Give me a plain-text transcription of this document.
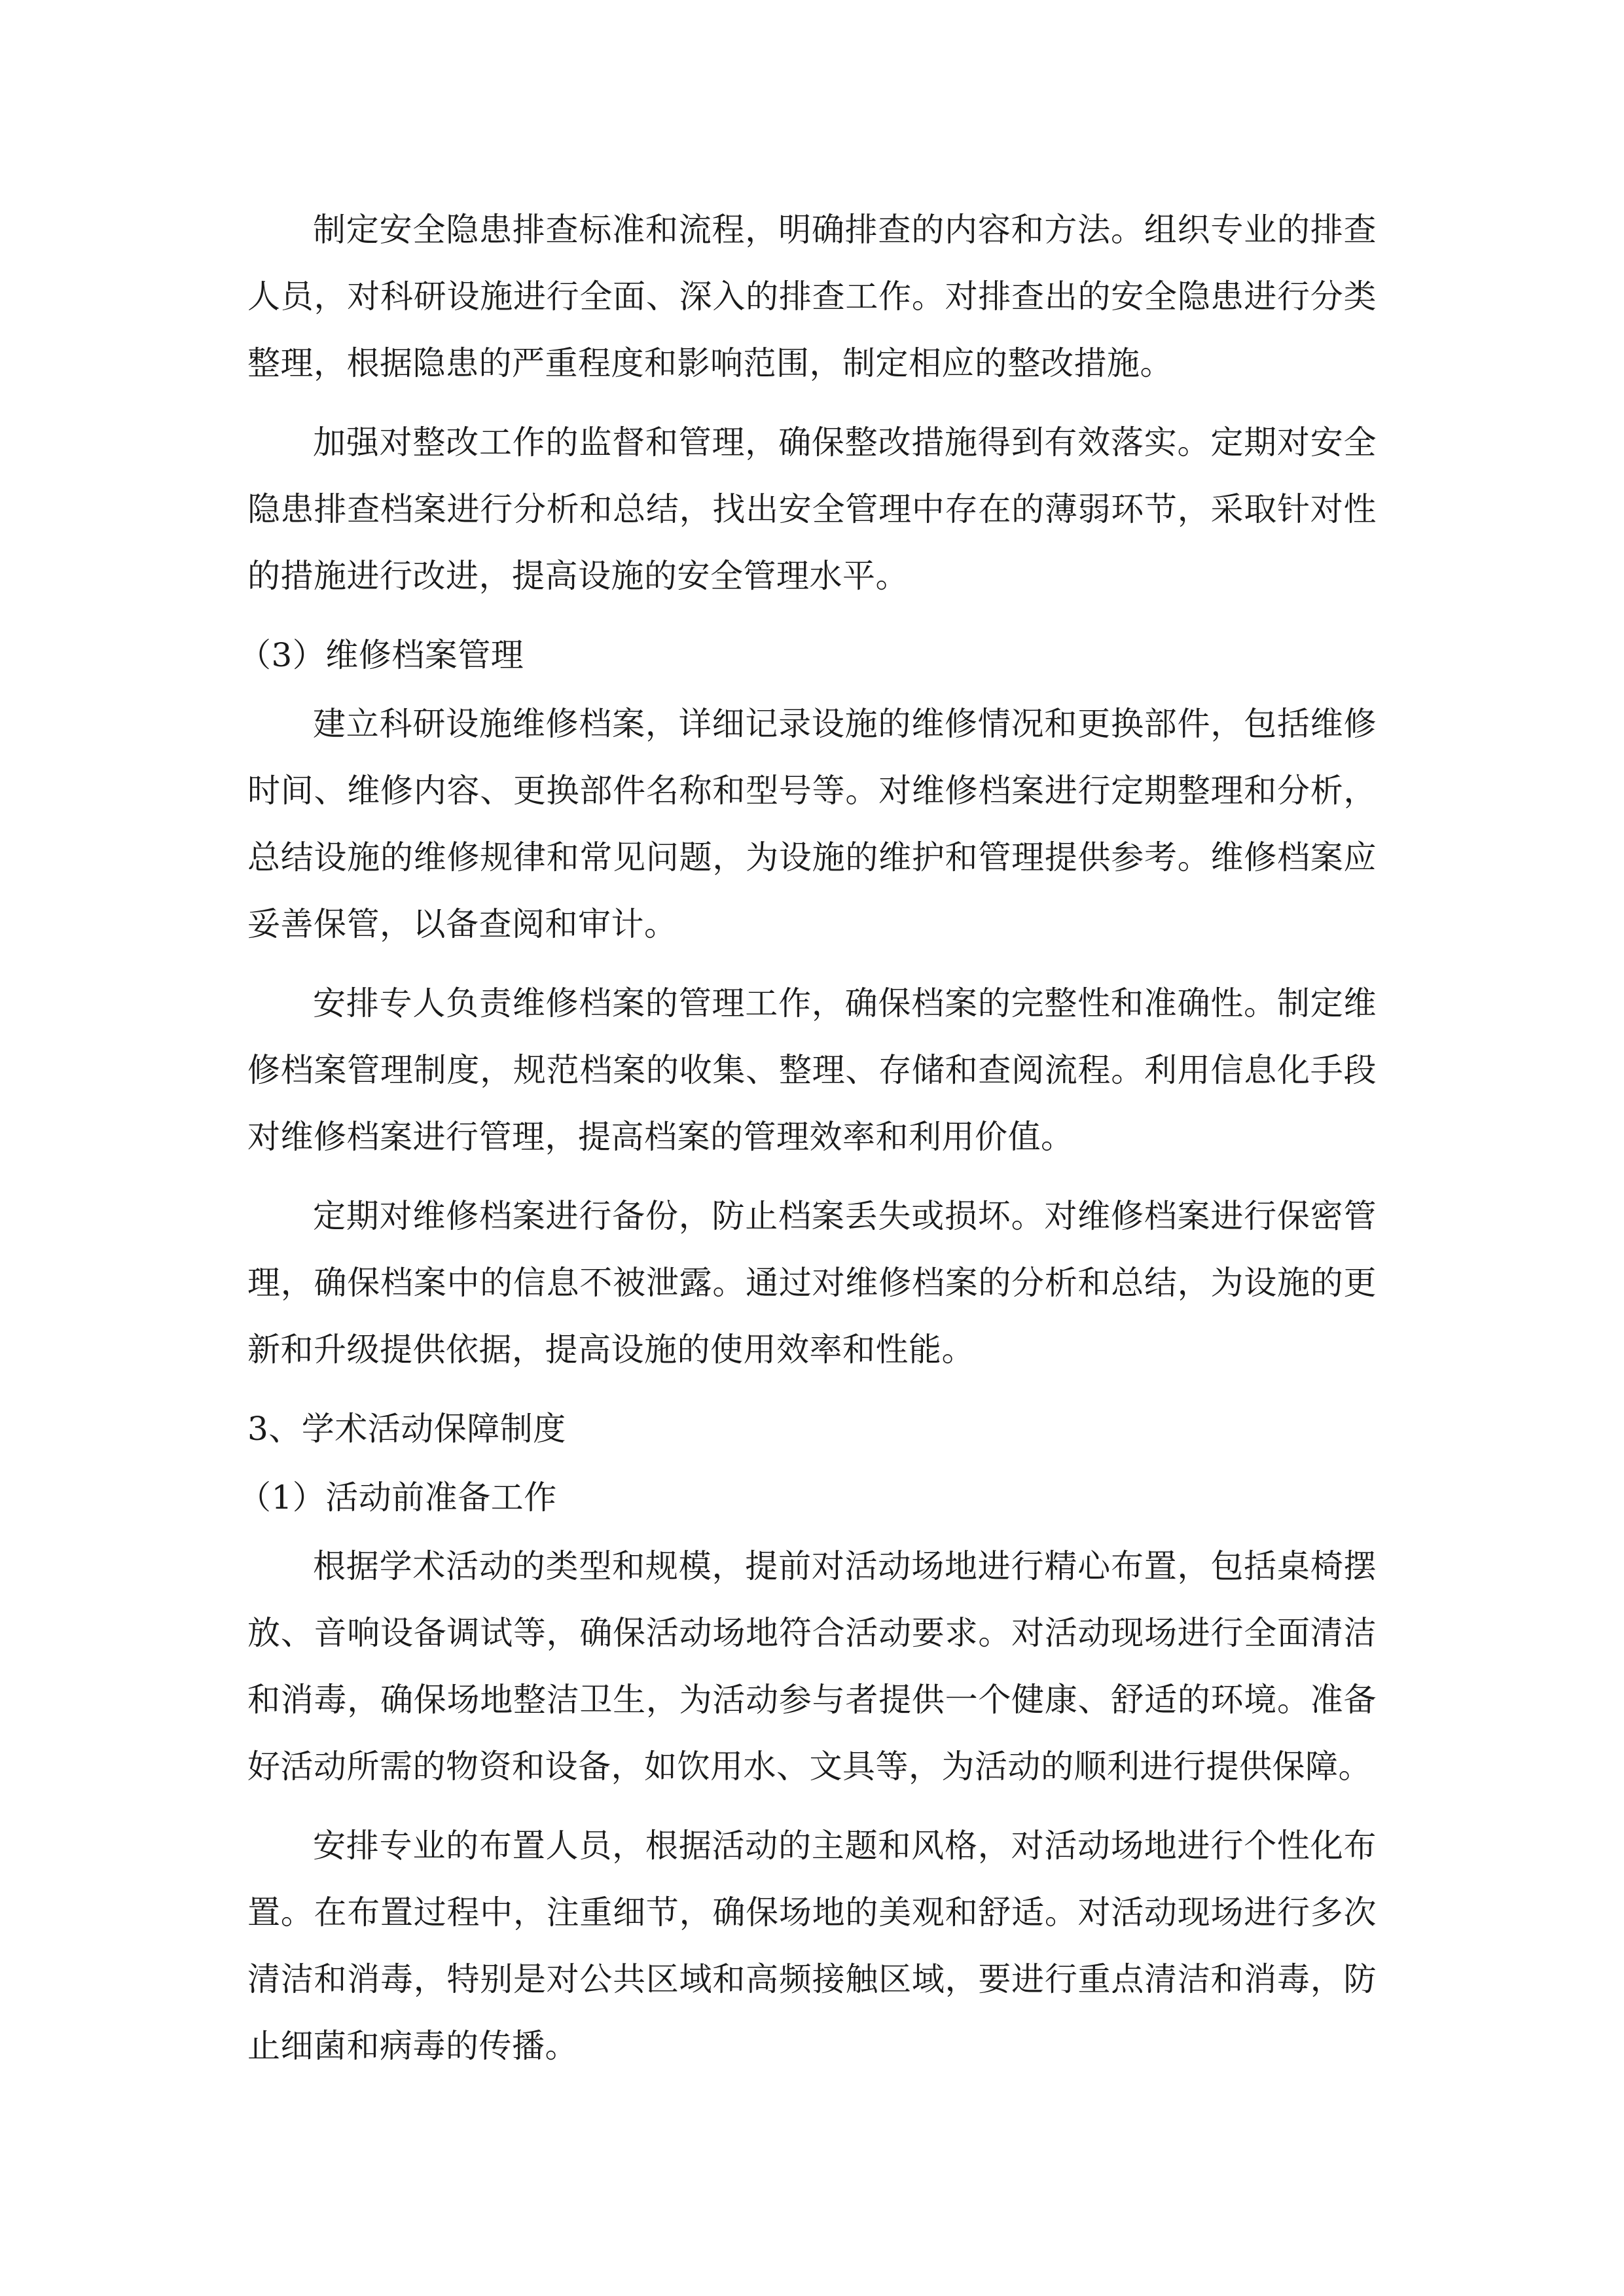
制定安全隐患排查标准和流程，明确排查的内容和方法。组织专业的排查人员，对科研设施进行全面、深入的排查工作。对排查出的安全隐患进行分类整理，根据隐患的严重程度和影响范围，制定相应的整改措施。

加强对整改工作的监督和管理，确保整改措施得到有效落实。定期对安全隐患排查档案进行分析和总结，找出安全管理中存在的薄弱环节，采取针对性的措施进行改进，提高设施的安全管理水平。

（3）维修档案管理

建立科研设施维修档案，详细记录设施的维修情况和更换部件，包括维修时间、维修内容、更换部件名称和型号等。对维修档案进行定期整理和分析，总结设施的维修规律和常见问题，为设施的维护和管理提供参考。维修档案应妥善保管，以备查阅和审计。

安排专人负责维修档案的管理工作，确保档案的完整性和准确性。制定维修档案管理制度，规范档案的收集、整理、存储和查阅流程。利用信息化手段对维修档案进行管理，提高档案的管理效率和利用价值。

定期对维修档案进行备份，防止档案丢失或损坏。对维修档案进行保密管理，确保档案中的信息不被泄露。通过对维修档案的分析和总结，为设施的更新和升级提供依据，提高设施的使用效率和性能。

3、学术活动保障制度

（1）活动前准备工作

根据学术活动的类型和规模，提前对活动场地进行精心布置，包括桌椅摆放、音响设备调试等，确保活动场地符合活动要求。对活动现场进行全面清洁和消毒，确保场地整洁卫生，为活动参与者提供一个健康、舒适的环境。准备好活动所需的物资和设备，如饮用水、文具等，为活动的顺利进行提供保障。

安排专业的布置人员，根据活动的主题和风格，对活动场地进行个性化布置。在布置过程中，注重细节，确保场地的美观和舒适。对活动现场进行多次清洁和消毒，特别是对公共区域和高频接触区域，要进行重点清洁和消毒，防止细菌和病毒的传播。
